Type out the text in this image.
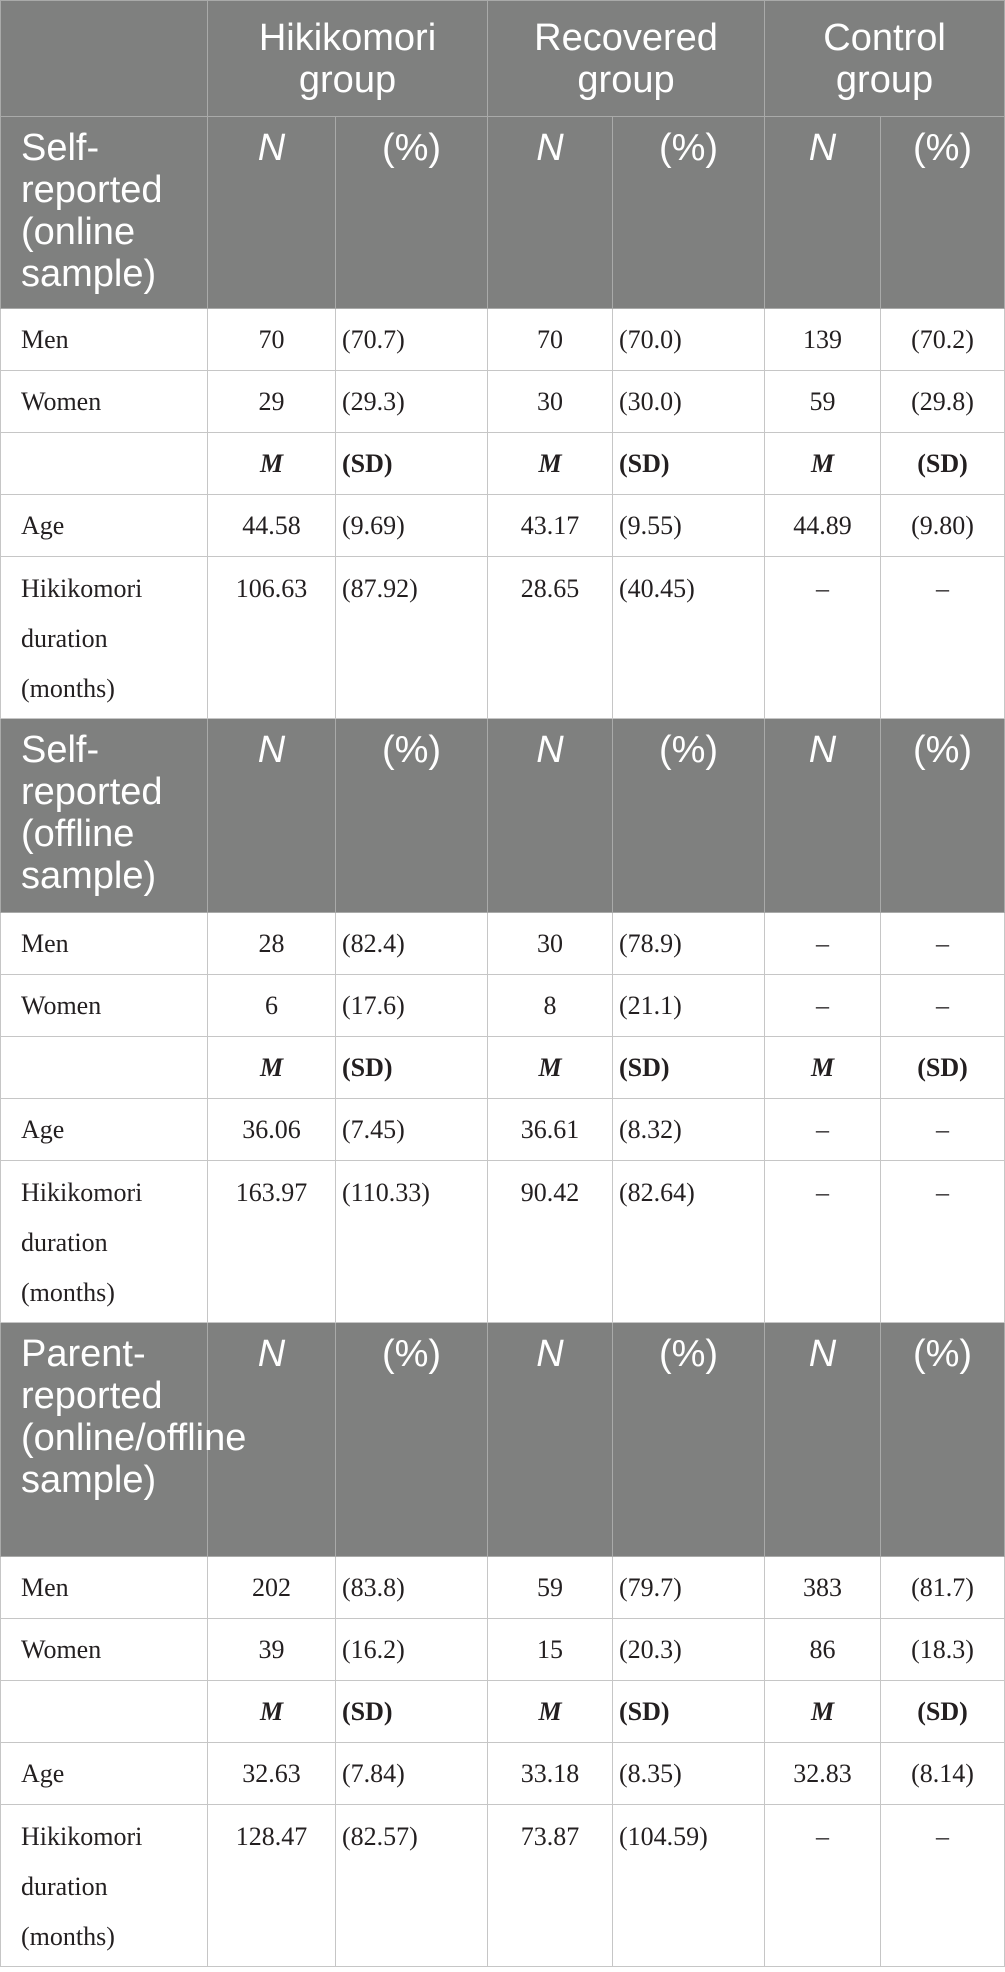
	Hikikomori group		Recovered group		Control group	
Self-reported (online sample)	N	(%)	N	(%)	N	(%)
Men	70	(70.7)	70	(70.0)	139	(70.2)
Women	29	(29.3)	30	(30.0)	59	(29.8)
	M	(SD)	M	(SD)	M	(SD)
Age	44.58	(9.69)	43.17	(9.55)	44.89	(9.80)
Hikikomori duration (months)	106.63	(87.92)	28.65	(40.45)	–	–
Self-reported (offline sample)	N	(%)	N	(%)	N	(%)
Men	28	(82.4)	30	(78.9)	–	–
Women	6	(17.6)	8	(21.1)	–	–
	M	(SD)	M	(SD)	M	(SD)
Age	36.06	(7.45)	36.61	(8.32)	–	–
Hikikomori duration (months)	163.97	(110.33)	90.42	(82.64)	–	–
Parent-reported (online/offline sample)	N	(%)	N	(%)	N	(%)
Men	202	(83.8)	59	(79.7)	383	(81.7)
Women	39	(16.2)	15	(20.3)	86	(18.3)
	M	(SD)	M	(SD)	M	(SD)
Age	32.63	(7.84)	33.18	(8.35)	32.83	(8.14)
Hikikomori duration (months)	128.47	(82.57)	73.87	(104.59)	–	–
